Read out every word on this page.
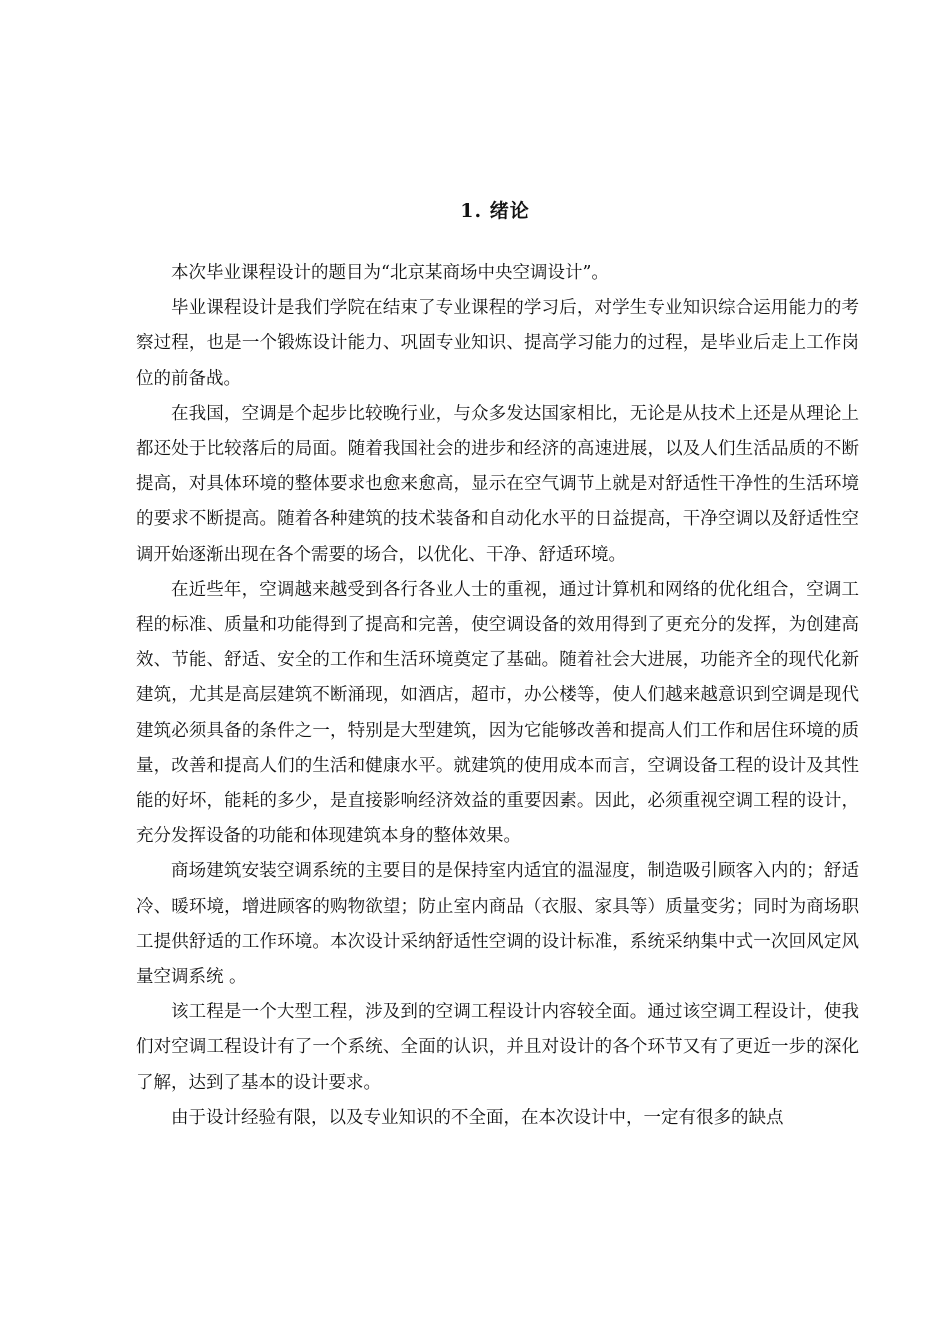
1. 绪论

本次毕业课程设计的题目为“北京某商场中央空调设计”。

毕业课程设计是我们学院在结束了专业课程的学习后，对学生专业知识综合运用能力的考察过程，也是一个锻炼设计能力、巩固专业知识、提高学习能力的过程，是毕业后走上工作岗位的前备战。

在我国，空调是个起步比较晚行业，与众多发达国家相比，无论是从技术上还是从理论上都还处于比较落后的局面。随着我国社会的进步和经济的高速进展，以及人们生活品质的不断提高，对具体环境的整体要求也愈来愈高，显示在空气调节上就是对舒适性干净性的生活环境的要求不断提高。随着各种建筑的技术装备和自动化水平的日益提高，干净空调以及舒适性空调开始逐渐出现在各个需要的场合，以优化、干净、舒适环境。

在近些年，空调越来越受到各行各业人士的重视，通过计算机和网络的优化组合，空调工程的标准、质量和功能得到了提高和完善，使空调设备的效用得到了更充分的发挥，为创建高效、节能、舒适、安全的工作和生活环境奠定了基础。随着社会大进展，功能齐全的现代化新建筑，尤其是高层建筑不断涌现，如酒店，超市，办公楼等，使人们越来越意识到空调是现代建筑必须具备的条件之一，特别是大型建筑，因为它能够改善和提高人们工作和居住环境的质量，改善和提高人们的生活和健康水平。就建筑的使用成本而言，空调设备工程的设计及其性能的好坏，能耗的多少，是直接影响经济效益的重要因素。因此，必须重视空调工程的设计，充分发挥设备的功能和体现建筑本身的整体效果。

商场建筑安装空调系统的主要目的是保持室内适宜的温湿度，制造吸引顾客入内的；舒适冷、暖环境，增进顾客的购物欲望；防止室内商品（衣服、家具等）质量变劣；同时为商场职工提供舒适的工作环境。本次设计采纳舒适性空调的设计标准，系统采纳集中式一次回风定风量空调系统 。

该工程是一个大型工程，涉及到的空调工程设计内容较全面。通过该空调工程设计，使我们对空调工程设计有了一个系统、全面的认识，并且对设计的各个环节又有了更近一步的深化了解，达到了基本的设计要求。

由于设计经验有限，以及专业知识的不全面，在本次设计中，一定有很多的缺点
